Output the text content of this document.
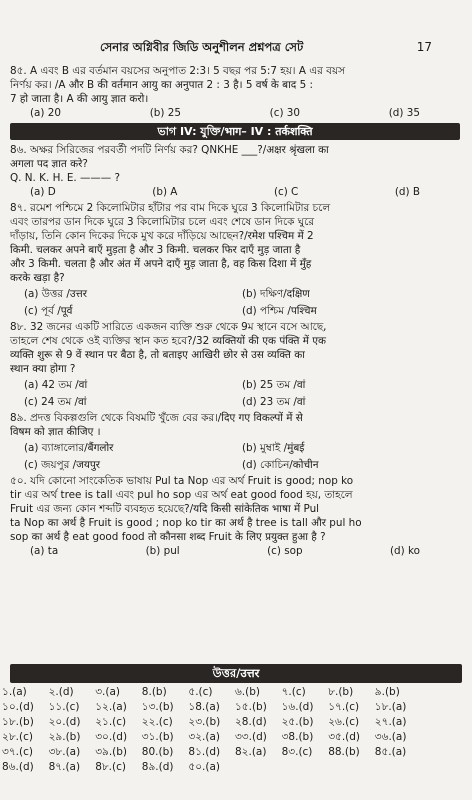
সেনার অগ্নিবীর জিডি অনুশীলন প্রশ্নপত্র সেট	17

8৫. A এবং B এর বর্তমান বয়সের অনুপাত 2:3। 5 বছর পর 5:7 হয়। A এর বয়স

নির্ণয় কর। /A और B की वर्तमान आयु का अनुपात 2 : 3 है। 5 वर्ष के बाद 5 :

7 हो जाता है। A की आयु ज्ञात करो।

(a) 20	(b) 25	(c) 30	(d) 35
ভাগ IV: যুক্তি/भाग– IV : तर्कशक्ति

8৬. অক্ষর সিরিজের পরবর্তী পদটি নির্ণয় কর? QNKHE ___?/अक्षर श्रृंखला का

अगला पद ज्ञात करे?

Q. N. K. H. E. ——— ?

(a) D	(b) A	(c) C	(d) B

8৭. রমেশ পশ্চিমে 2 কিলোমিটার হাঁটার পর বাম দিকে ঘুরে 3 কিলোমিটার চলে

এবং তারপর ডান দিকে ঘুরে 3 কিলোমিটার চলে এবং শেষে ডান দিকে ঘুরে

দাঁড়ায়, তিনি কোন দিকের দিকে মুখ করে দাঁড়িয়ে আছেন?/रमेश पश्चिम में 2

किमी. चलकर अपने बाएँ मुड़ता है और 3 किमी. चलकर फिर दाएँ मुड़ जाता है

और 3 किमी. चलता है और अंत में अपने दाएँ मुड़ जाता है, वह किस दिशा में मुँह

करके खड़ा है?

(a) উত্তর /उत्तर	(b) দক্ষিণ/दक्षिण
(c) পূর্ব /पूर्व	(d) পশ্চিম /पश्चिम

8৮. 32 জনের একটি সারিতে একজন ব্যক্তি শুরু থেকে 9ম স্থানে বসে আছে,

তাহলে শেষ থেকে ওই ব্যক্তির স্থান কত হবে?/32 व्यक्तियों की एक पंक्ति में एक

व्यक्ति शुरू से 9 वें स्थान पर बैठा है, तो बताइए आखिरी छोर से उस व्यक्ति का

स्थान क्या होगा ?

(a) 42 তম /वां	(b) 25 তম /वां
(c) 24 তম /वां	(d) 23 তম /वां

8৯. প্রদত্ত বিকল্পগুলি থেকে বিষমটি খুঁজে বের কর।/दिए गए विकल्पों में से

विषम को ज्ञात कीजिए ।

(a) ব্যাঙ্গালোর/बैंगलोर	(b) মুম্বাই /मुंबई
(c) জয়পুর /जयपुर	(d) কোচিন/कोचीन

৫০. যদি কোনো সাংকেতিক ভাষায় Pul ta Nop এর অর্থ Fruit is good; nop ko

tir এর অর্থ tree is tall এবং pul ho sop এর অর্থ eat good food হয়, তাহলে

Fruit এর জন্য কোন শব্দটি ব্যবহৃত হয়েছে?/यदि किसी सांकेतिक भाषा में Pul

ta Nop का अर्थ है Fruit is good ; nop ko tir का अर्थ है tree is tall और pul ho

sop का अर्थ है eat good food तो कौनसा शब्द Fruit के लिए प्रयुक्त हुआ है ?

(a) ta	(b) pul	(c) sop	(d) ko
উত্তর/उत्तर
১.(a)	২.(d)	৩.(a)	8.(b)	৫.(c)	৬.(b)	৭.(c)	৮.(b)	৯.(b)
১০.(d)	১১.(c)	১২.(a)	১৩.(b)	১8.(a)	১৫.(b)	১৬.(d)	১৭.(c)	১৮.(a)
১৮.(b)	২০.(d)	২১.(c)	২২.(c)	২৩.(b)	২8.(d)	২৫.(b)	২৬.(c)	২৭.(a)
২৮.(c)	২৯.(b)	৩০.(d)	৩১.(b)	৩২.(a)	৩৩.(d)	৩8.(b)	৩৫.(d)	৩৬.(a)
৩৭.(c)	৩৮.(a)	৩৯.(b)	80.(b)	8১.(d)	8২.(a)	8৩.(c)	88.(b)	8৫.(a)
8৬.(d)	8৭.(a)	8৮.(c)	8৯.(d)	৫০.(a)
